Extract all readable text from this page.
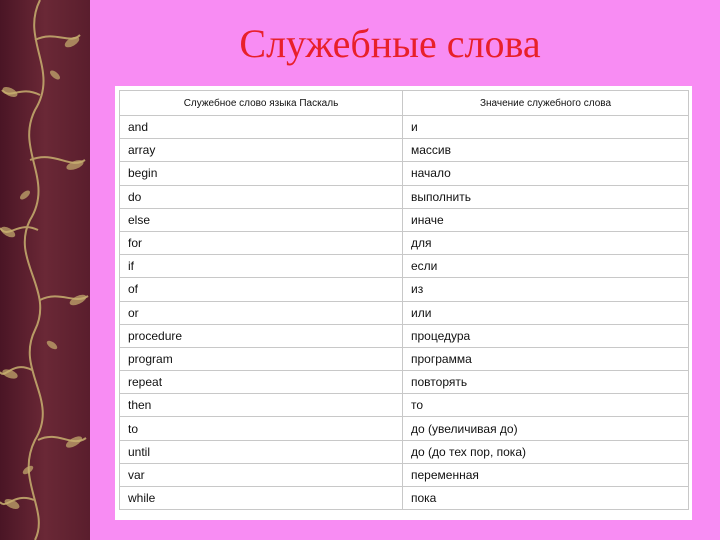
Служебные слова
Служебное слово языка Паскаль	Значение служебного слова
and	и
array	массив
begin	начало
do	выполнить
else	иначе
for	для
if	если
of	из
or	или
procedure	процедура
program	программа
repeat	повторять
then	то
to	до (увеличивая до)
until	до (до тех пор, пока)
var	переменная
while	пока
